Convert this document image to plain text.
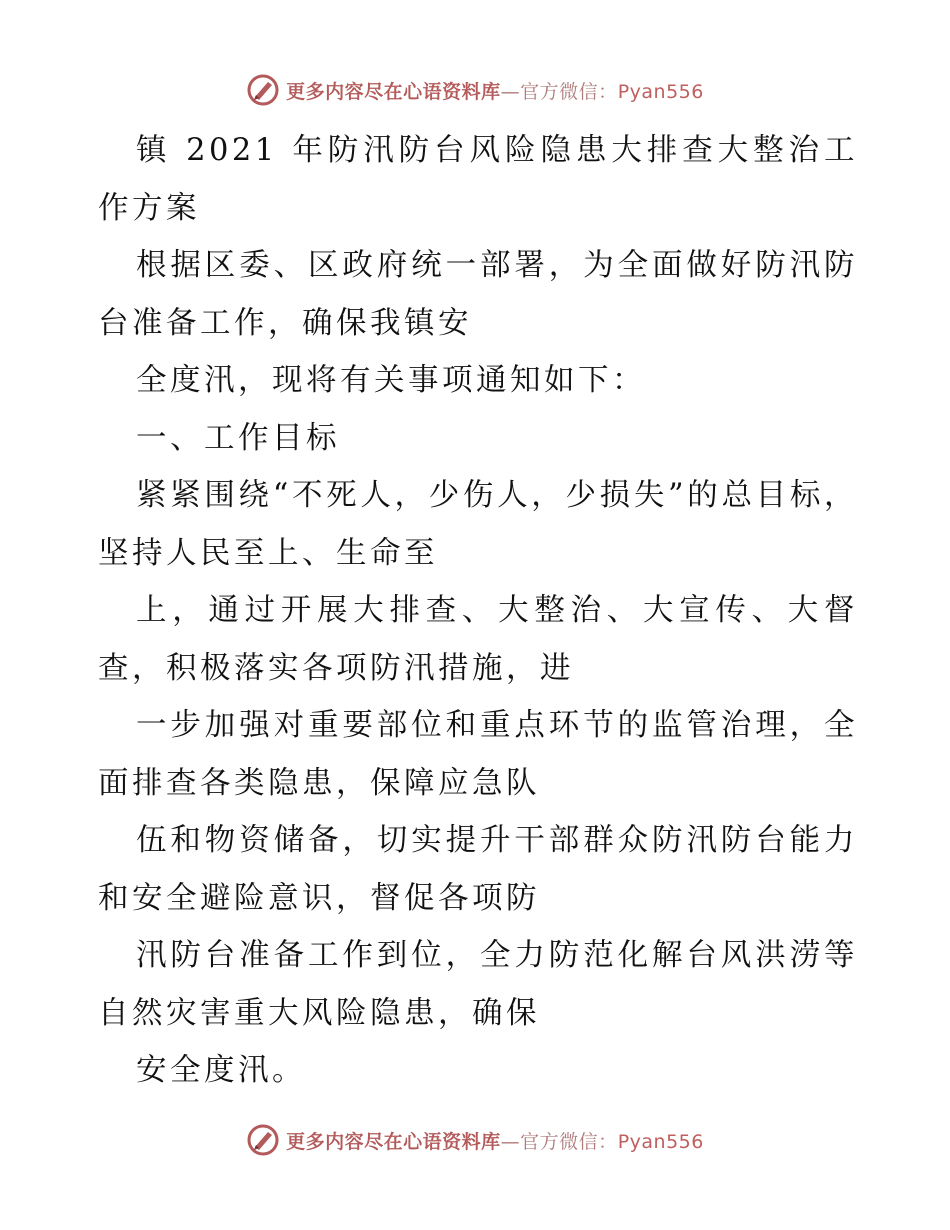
更多内容尽在心语资料库—官方微信：Pyan556

镇 2021 年防汛防台风险隐患大排查大整治工作方案

根据区委、区政府统一部署，为全面做好防汛防台准备工作，确保我镇安

全度汛，现将有关事项通知如下：

一、工作目标

紧紧围绕“不死人，少伤人，少损失”的总目标，坚持人民至上、生命至

上，通过开展大排查、大整治、大宣传、大督查，积极落实各项防汛措施，进

一步加强对重要部位和重点环节的监管治理，全面排查各类隐患，保障应急队

伍和物资储备，切实提升干部群众防汛防台能力和安全避险意识，督促各项防

汛防台准备工作到位，全力防范化解台风洪涝等自然灾害重大风险隐患，确保

安全度汛。

更多内容尽在心语资料库—官方微信：Pyan556
